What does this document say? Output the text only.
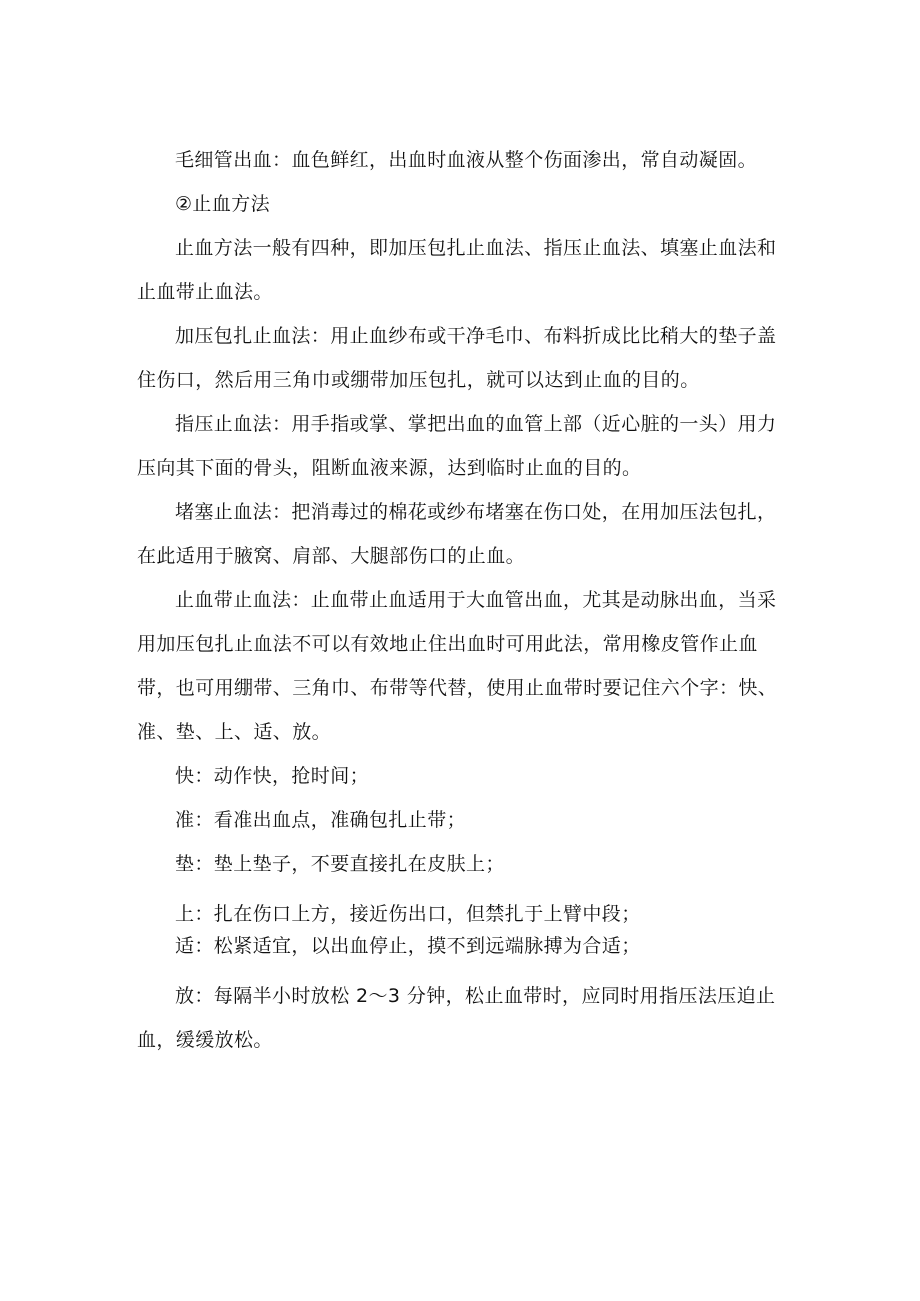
毛细管出血：血色鲜红，出血时血液从整个伤面渗出，常自动凝固。

②止血方法

止血方法一般有四种，即加压包扎止血法、指压止血法、填塞止血法和止血带止血法。

加压包扎止血法：用止血纱布或干净毛巾、布料折成比比稍大的垫子盖住伤口，然后用三角巾或绷带加压包扎，就可以达到止血的目的。

指压止血法：用手指或掌、掌把出血的血管上部（近心脏的一头）用力压向其下面的骨头，阻断血液来源，达到临时止血的目的。

堵塞止血法：把消毒过的棉花或纱布堵塞在伤口处，在用加压法包扎，在此适用于腋窝、肩部、大腿部伤口的止血。

止血带止血法：止血带止血适用于大血管出血，尤其是动脉出血，当采用加压包扎止血法不可以有效地止住出血时可用此法，常用橡皮管作止血带，也可用绷带、三角巾、布带等代替，使用止血带时要记住六个字：快、准、垫、上、适、放。

快：动作快，抢时间；

准：看准出血点，准确包扎止带；

垫：垫上垫子，不要直接扎在皮肤上；

上：扎在伤口上方，接近伤出口，但禁扎于上臂中段；

适：松紧适宜，以出血停止，摸不到远端脉搏为合适；

放：每隔半小时放松 2～3 分钟，松止血带时，应同时用指压法压迫止血，缓缓放松。
